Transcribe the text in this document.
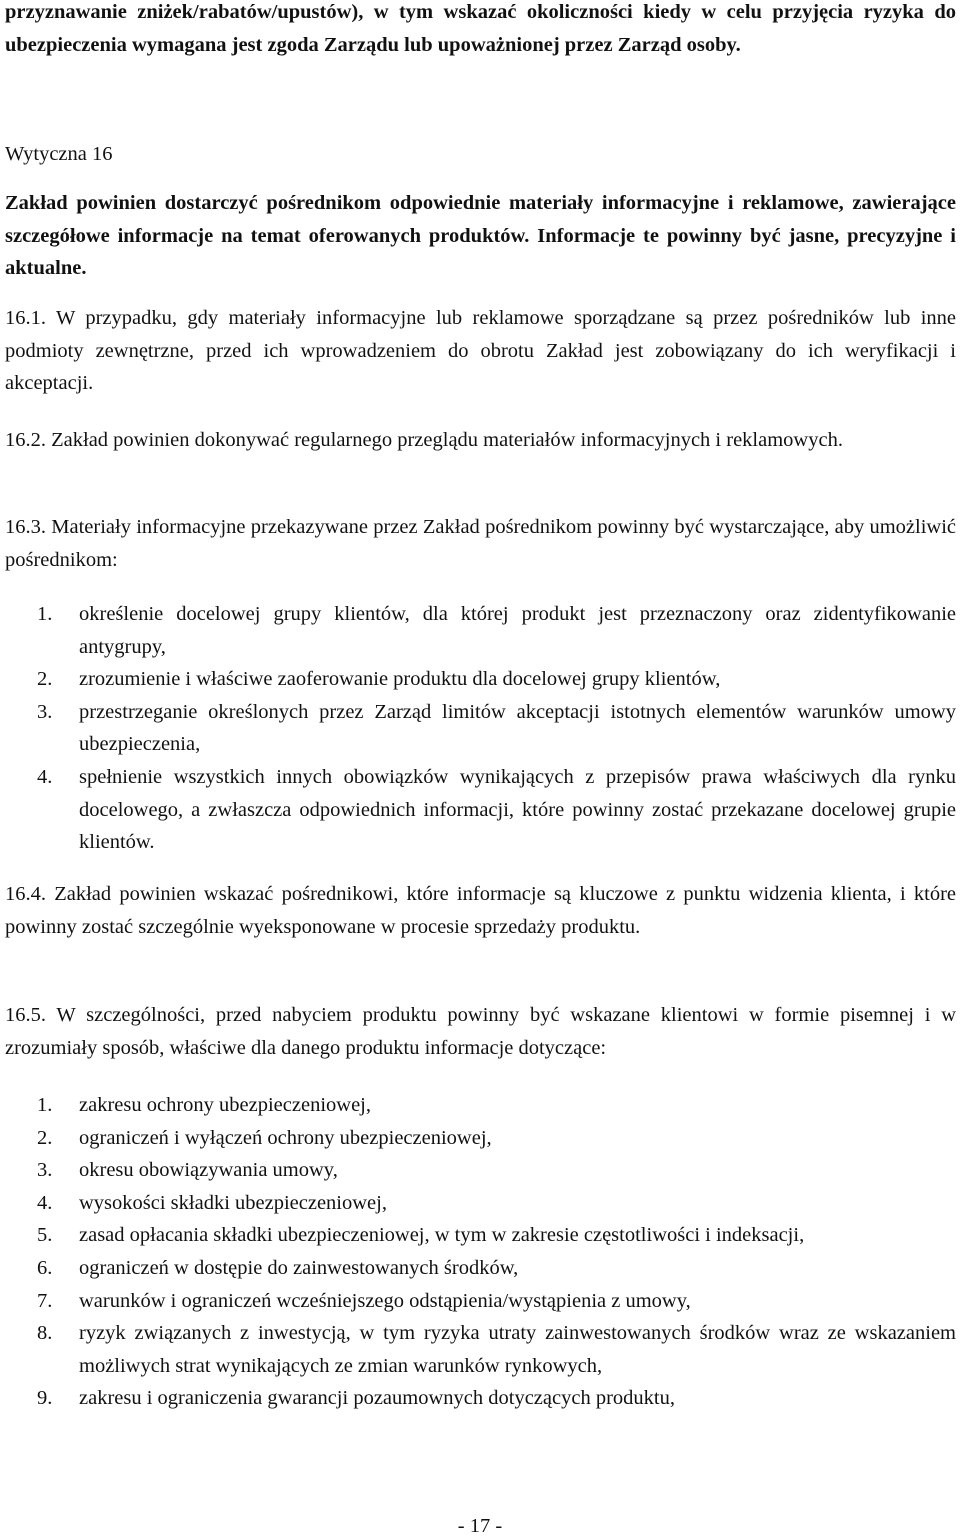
przyznawanie zniżek/rabatów/upustów), w tym wskazać okoliczności kiedy w celu przyjęcia ryzyka do ubezpieczenia wymagana jest zgoda Zarządu lub upoważnionej przez Zarząd osoby.

Wytyczna 16

Zakład powinien dostarczyć pośrednikom odpowiednie materiały informacyjne i reklamowe, zawierające szczegółowe informacje na temat oferowanych produktów. Informacje te powinny być jasne, precyzyjne i aktualne.

16.1. W przypadku, gdy materiały informacyjne lub reklamowe sporządzane są przez pośredników lub inne podmioty zewnętrzne, przed ich wprowadzeniem do obrotu Zakład jest zobowiązany do ich weryfikacji i akceptacji.

16.2. Zakład powinien dokonywać regularnego przeglądu materiałów informacyjnych i reklamowych.

16.3. Materiały informacyjne przekazywane przez Zakład pośrednikom powinny być wystarczające, aby umożliwić pośrednikom:

1. określenie docelowej grupy klientów, dla której produkt jest przeznaczony oraz zidentyfikowanie antygrupy,
2. zrozumienie i właściwe zaoferowanie produktu dla docelowej grupy klientów,
3. przestrzeganie określonych przez Zarząd limitów akceptacji istotnych elementów warunków umowy ubezpieczenia,
4. spełnienie wszystkich innych obowiązków wynikających z przepisów prawa właściwych dla rynku docelowego, a zwłaszcza odpowiednich informacji, które powinny zostać przekazane docelowej grupie klientów.

16.4. Zakład powinien wskazać pośrednikowi, które informacje są kluczowe z punktu widzenia klienta, i które powinny zostać szczególnie wyeksponowane w procesie sprzedaży produktu.

16.5. W szczególności, przed nabyciem produktu powinny być wskazane klientowi w formie pisemnej i w zrozumiały sposób, właściwe dla danego produktu informacje dotyczące:

1. zakresu ochrony ubezpieczeniowej,
2. ograniczeń i wyłączeń ochrony ubezpieczeniowej,
3. okresu obowiązywania umowy,
4. wysokości składki ubezpieczeniowej,
5. zasad opłacania składki ubezpieczeniowej, w tym w zakresie częstotliwości i indeksacji,
6. ograniczeń w dostępie do zainwestowanych środków,
7. warunków i ograniczeń wcześniejszego odstąpienia/wystąpienia z umowy,
8. ryzyk związanych z inwestycją, w tym ryzyka utraty zainwestowanych środków wraz ze wskazaniem możliwych strat wynikających ze zmian warunków rynkowych,
9. zakresu i ograniczenia gwarancji pozaumownych dotyczących produktu,
- 17 -
